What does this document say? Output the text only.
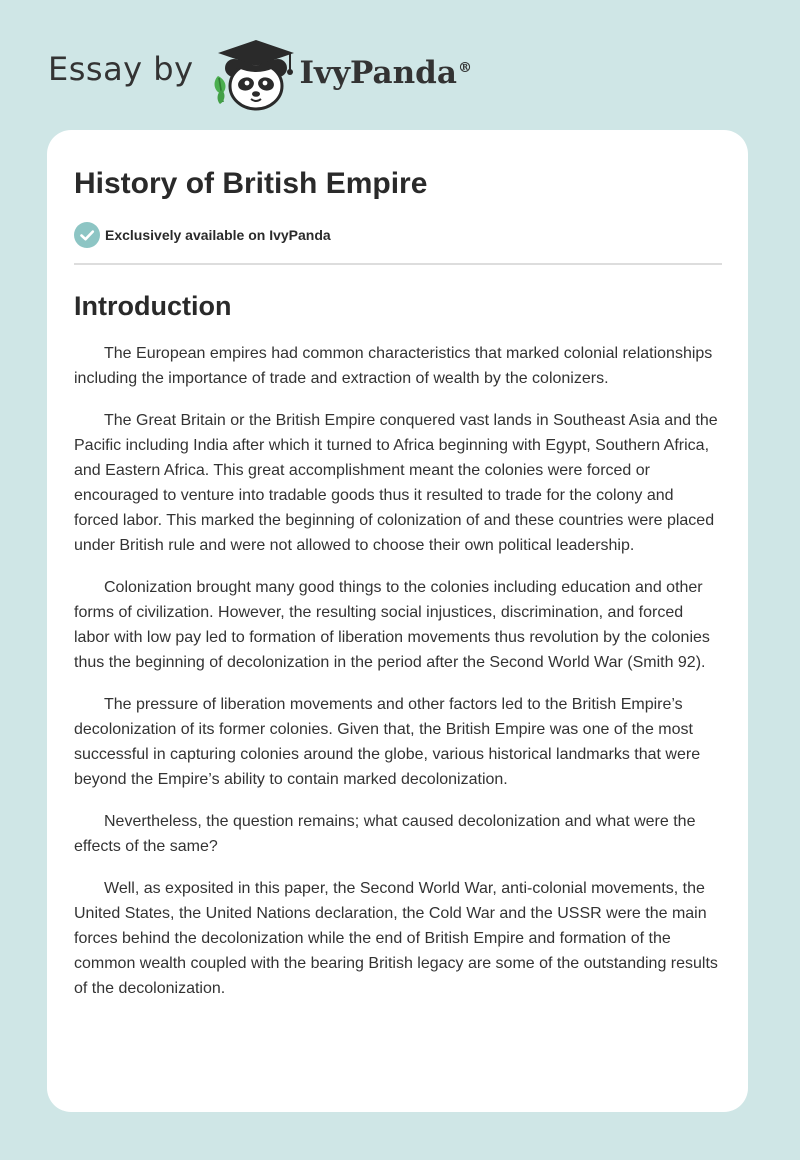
Essay by	IvyPanda®
History of British Empire
Exclusively available on IvyPanda
Introduction

The European empires had common characteristics that marked colonial relationships including the importance of trade and extraction of wealth by the colonizers.

The Great Britain or the British Empire conquered vast lands in Southeast Asia and the Pacific including India after which it turned to Africa beginning with Egypt, Southern Africa, and Eastern Africa. This great accomplishment meant the colonies were forced or encouraged to venture into tradable goods thus it resulted to trade for the colony and forced labor. This marked the beginning of colonization of and these countries were placed under British rule and were not allowed to choose their own political leadership.

Colonization brought many good things to the colonies including education and other forms of civilization. However, the resulting social injustices, discrimination, and forced labor with low pay led to formation of liberation movements thus revolution by the colonies thus the beginning of decolonization in the period after the Second World War (Smith 92).

The pressure of liberation movements and other factors led to the British Empire’s decolonization of its former colonies. Given that, the British Empire was one of the most successful in capturing colonies around the globe, various historical landmarks that were beyond the Empire’s ability to contain marked decolonization.

Nevertheless, the question remains; what caused decolonization and what were the effects of the same?

Well, as exposited in this paper, the Second World War, anti-colonial movements, the United States, the United Nations declaration, the Cold War and the USSR were the main forces behind the decolonization while the end of British Empire and formation of the common wealth coupled with the bearing British legacy are some of the outstanding results of the decolonization.
